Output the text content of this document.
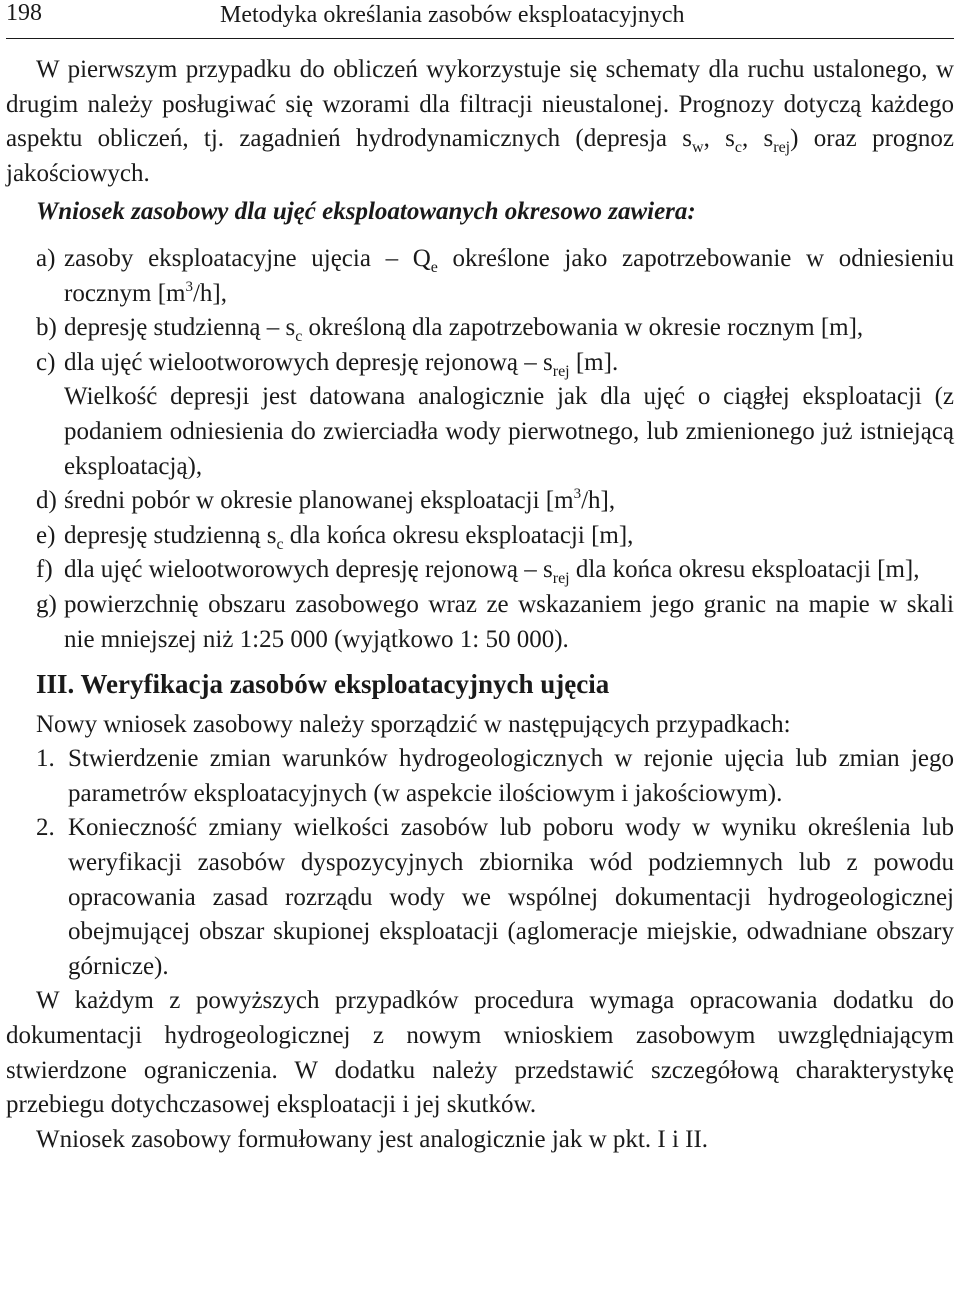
198	Metodyka określania zasobów eksploatacyjnych

W pierwszym przypadku do obliczeń wykorzystuje się schematy dla ruchu ustalonego, w drugim należy posługiwać się wzorami dla filtracji nieustalonej. Prognozy dotyczą każdego aspektu obliczeń, tj. zagadnień hydrodynamicznych (depresja $s_w$, $s_c$, $s_{rej}$) oraz prognoz jakościowych.

Wniosek zasobowy dla ujęć eksploatowanych okresowo zawiera:

a) zasoby eksploatacyjne ujęcia – $Q_e$ określone jako zapotrzebowanie w odniesieniu rocznym $[m^3/h]$,

b) depresję studzienną – $s_c$ określoną dla zapotrzebowania w okresie rocznym [m],

c) dla ujęć wielootworowych depresję rejonową – $s_{rej}$ [m].

Wielkość depresji jest datowana analogicznie jak dla ujęć o ciągłej eksploatacji (z podaniem odniesienia do zwierciadła wody pierwotnego, lub zmienionego już istniejącą eksploatacją),

d) średni pobór w okresie planowanej eksploatacji $[m^3/h]$,

e) depresję studzienną $s_c$ dla końca okresu eksploatacji [m],

f) dla ujęć wielootworowych depresję rejonową – $s_{rej}$ dla końca okresu eksploatacji [m],

g) powierzchnię obszaru zasobowego wraz ze wskazaniem jego granic na mapie w skali nie mniejszej niż 1:25 000 (wyjątkowo 1: 50 000).

III. Weryfikacja zasobów eksploatacyjnych ujęcia

Nowy wniosek zasobowy należy sporządzić w następujących przypadkach:

1. Stwierdzenie zmian warunków hydrogeologicznych w rejonie ujęcia lub zmian jego parametrów eksploatacyjnych (w aspekcie ilościowym i jakościowym).

2. Konieczność zmiany wielkości zasobów lub poboru wody w wyniku określenia lub weryfikacji zasobów dyspozycyjnych zbiornika wód podziemnych lub z powodu opracowania zasad rozrządu wody we wspólnej dokumentacji hydrogeologicznej obejmującej obszar skupionej eksploatacji (aglomeracje miejskie, odwadniane obszary górnicze).

W każdym z powyższych przypadków procedura wymaga opracowania dodatku do dokumentacji hydrogeologicznej z nowym wnioskiem zasobowym uwzględniającym stwierdzone ograniczenia. W dodatku należy przedstawić szczegółową charakterystykę przebiegu dotychczasowej eksploatacji i jej skutków.

Wniosek zasobowy formułowany jest analogicznie jak w pkt. I i II.
